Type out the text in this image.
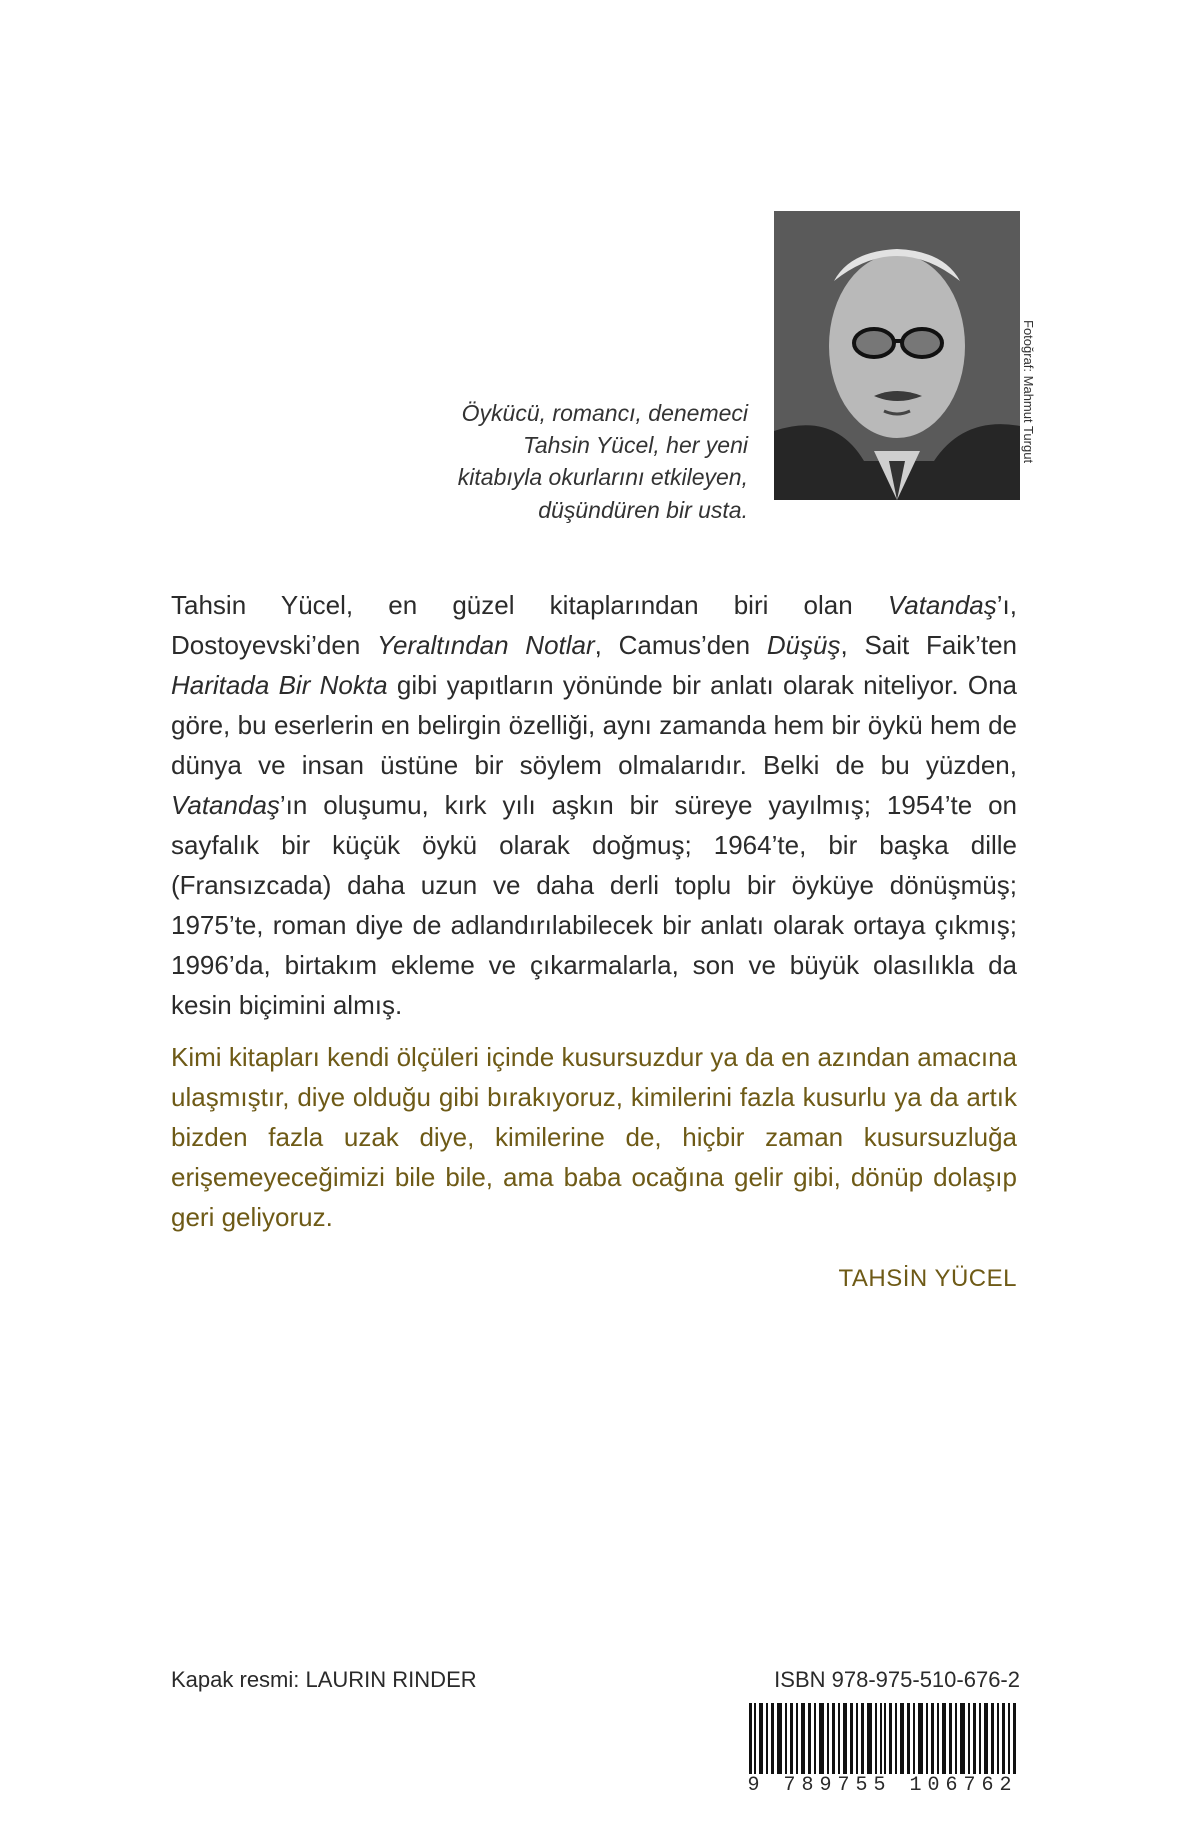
Fotoğraf: Mahmut Turgut
Öykücü, romancı, denemeci
Tahsin Yücel, her yeni
kitabıyla okurlarını etkileyen,
düşündüren bir usta.
Tahsin Yücel, en güzel kitaplarından biri olan Vatandaş’ı, Dostoyevski’den Yeraltından Notlar, Camus’den Düşüş, Sait Faik’ten Haritada Bir Nokta gibi yapıtların yönünde bir anlatı olarak niteliyor. Ona göre, bu eserlerin en belirgin özelliği, aynı zamanda hem bir öykü hem de dünya ve insan üstüne bir söylem olmalarıdır. Belki de bu yüzden, Vatandaş’ın oluşumu, kırk yılı aşkın bir süreye yayılmış; 1954’te on sayfalık bir küçük öykü olarak doğmuş; 1964’te, bir başka dille (Fransızcada) daha uzun ve daha derli toplu bir öyküye dönüşmüş; 1975’te, roman diye de adlandırılabilecek bir anlatı olarak ortaya çıkmış; 1996’da, birtakım ekleme ve çıkarmalarla, son ve büyük olasılıkla da kesin biçimini almış.
Kimi kitapları kendi ölçüleri içinde kusursuzdur ya da en azından amacına ulaşmıştır, diye olduğu gibi bırakıyoruz, kimilerini fazla kusurlu ya da artık bizden fazla uzak diye, kimilerine de, hiçbir zaman kusursuzluğa erişemeyeceğimizi bile bile, ama baba ocağına gelir gibi, dönüp dolaşıp geri geliyoruz.
TAHSİN YÜCEL
Kapak resmi: LAURIN RINDER	ISBN 978-975-510-676-2
9 789755 106762
